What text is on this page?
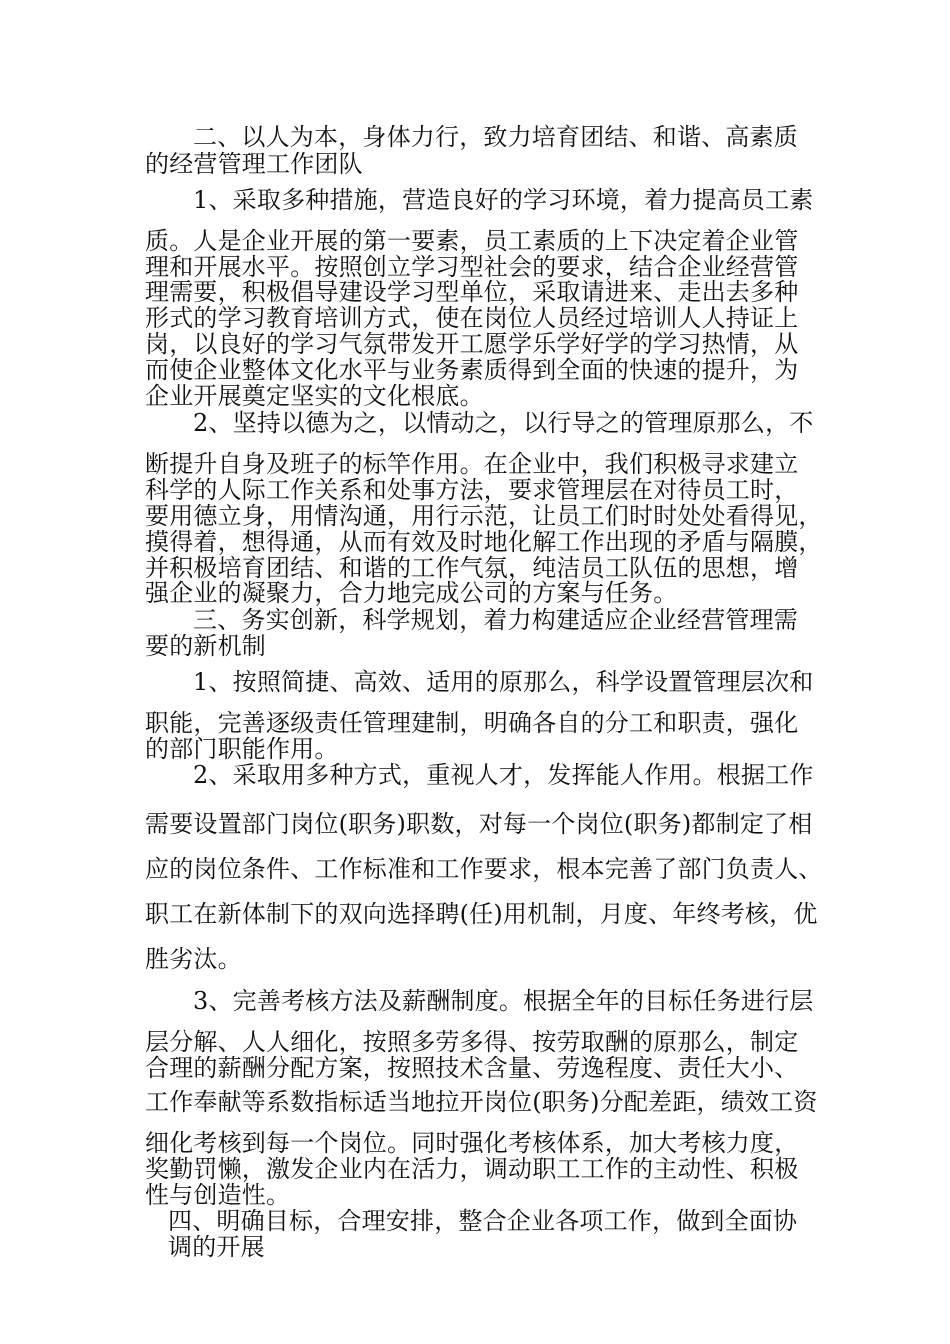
二、以人为本，身体力行，致力培育团结、和谐、高素质
的经营管理工作团队
1、采取多种措施，营造良好的学习环境，着力提高员工素
质。人是企业开展的第一要素，员工素质的上下决定着企业管
理和开展水平。按照创立学习型社会的要求，结合企业经营管
理需要，积极倡导建设学习型单位，采取请进来、走出去多种
形式的学习教育培训方式，使在岗位人员经过培训人人持证上
岗，以良好的学习气氛带发开工愿学乐学好学的学习热情，从
而使企业整体文化水平与业务素质得到全面的快速的提升，为
企业开展奠定坚实的文化根底。
2、坚持以德为之，以情动之，以行导之的管理原那么，不
断提升自身及班子的标竿作用。在企业中，我们积极寻求建立
科学的人际工作关系和处事方法，要求管理层在对待员工时，
要用德立身，用情沟通，用行示范，让员工们时时处处看得见，
摸得着，想得通，从而有效及时地化解工作出现的矛盾与隔膜，
并积极培育团结、和谐的工作气氛，纯洁员工队伍的思想，增
强企业的凝聚力，合力地完成公司的方案与任务。
三、务实创新，科学规划，着力构建适应企业经营管理需
要的新机制
1、按照简捷、高效、适用的原那么，科学设置管理层次和
职能，完善逐级责任管理建制，明确各自的分工和职责，强化
的部门职能作用。
2、采取用多种方式，重视人才，发挥能人作用。根据工作
需要设置部门岗位(职务)职数，对每一个岗位(职务)都制定了相
应的岗位条件、工作标准和工作要求，根本完善了部门负责人、
职工在新体制下的双向选择聘(任)用机制，月度、年终考核，优
胜劣汰。
3、完善考核方法及薪酬制度。根据全年的目标任务进行层
层分解、人人细化，按照多劳多得、按劳取酬的原那么，制定
合理的薪酬分配方案，按照技术含量、劳逸程度、责任大小、
工作奉献等系数指标适当地拉开岗位(职务)分配差距，绩效工资
细化考核到每一个岗位。同时强化考核体系，加大考核力度，
奖勤罚懒，激发企业内在活力，调动职工工作的主动性、积极
性与创造性。
四、明确目标，合理安排，整合企业各项工作，做到全面协
调的开展
